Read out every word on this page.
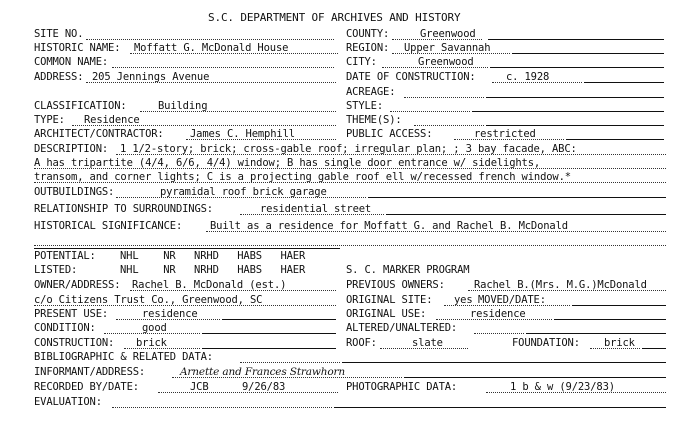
S.C. DEPARTMENT OF ARCHIVES AND HISTORY
SITE NO.	COUNTY:	Greenwood
HISTORIC NAME: Moffatt G. McDonald House	REGION: Upper Savannah
COMMON NAME:	CITY:	Greenwood
ADDRESS: 205 Jennings Avenue	DATE OF CONSTRUCTION:	c. 1928
ACREAGE:
CLASSIFICATION:	Building	STYLE:
TYPE: Residence	THEME(S):
ARCHITECT/CONTRACTOR:	James C. Hemphill	PUBLIC ACCESS:	restricted
DESCRIPTION: 1 1/2-story; brick; cross-gable roof; irregular plan; ; 3 bay facade, ABC:
A has tripartite (4/4, 6/6, 4/4) window; B has single door entrance w/ sidelights,
transom, and corner lights; C is a projecting gable roof ell w/recessed french window.*
OUTBUILDINGS:	pyramidal roof brick garage
RELATIONSHIP TO SURROUNDINGS:	residential street
HISTORICAL SIGNIFICANCE:	Built as a residence for Moffatt G. and Rachel B. McDonald
POTENTIAL: NHL    NR   NRHD   HABS   HAER
LISTED:	NHL    NR   NRHD   HABS   HAER	S. C. MARKER PROGRAM
OWNER/ADDRESS: Rachel B. McDonald (est.)	PREVIOUS OWNERS:	Rachel B.(Mrs. M.G.)McDonald
c/o Citizens Trust Co., Greenwood, SC	ORIGINAL SITE: yes MOVED/DATE:
PRESENT USE:	residence	ORIGINAL USE:	residence
CONDITION:	good	ALTERED/UNALTERED:
CONSTRUCTION: brick	ROOF:	slate	FOUNDATION: brick
BIBLIOGRAPHIC & RELATED DATA:
INFORMANT/ADDRESS:	Arnette and Frances Strawhorn
RECORDED BY/DATE:	JCB	9/26/83	PHOTOGRAPHIC DATA:	1 b & w (9/23/83)
EVALUATION:
